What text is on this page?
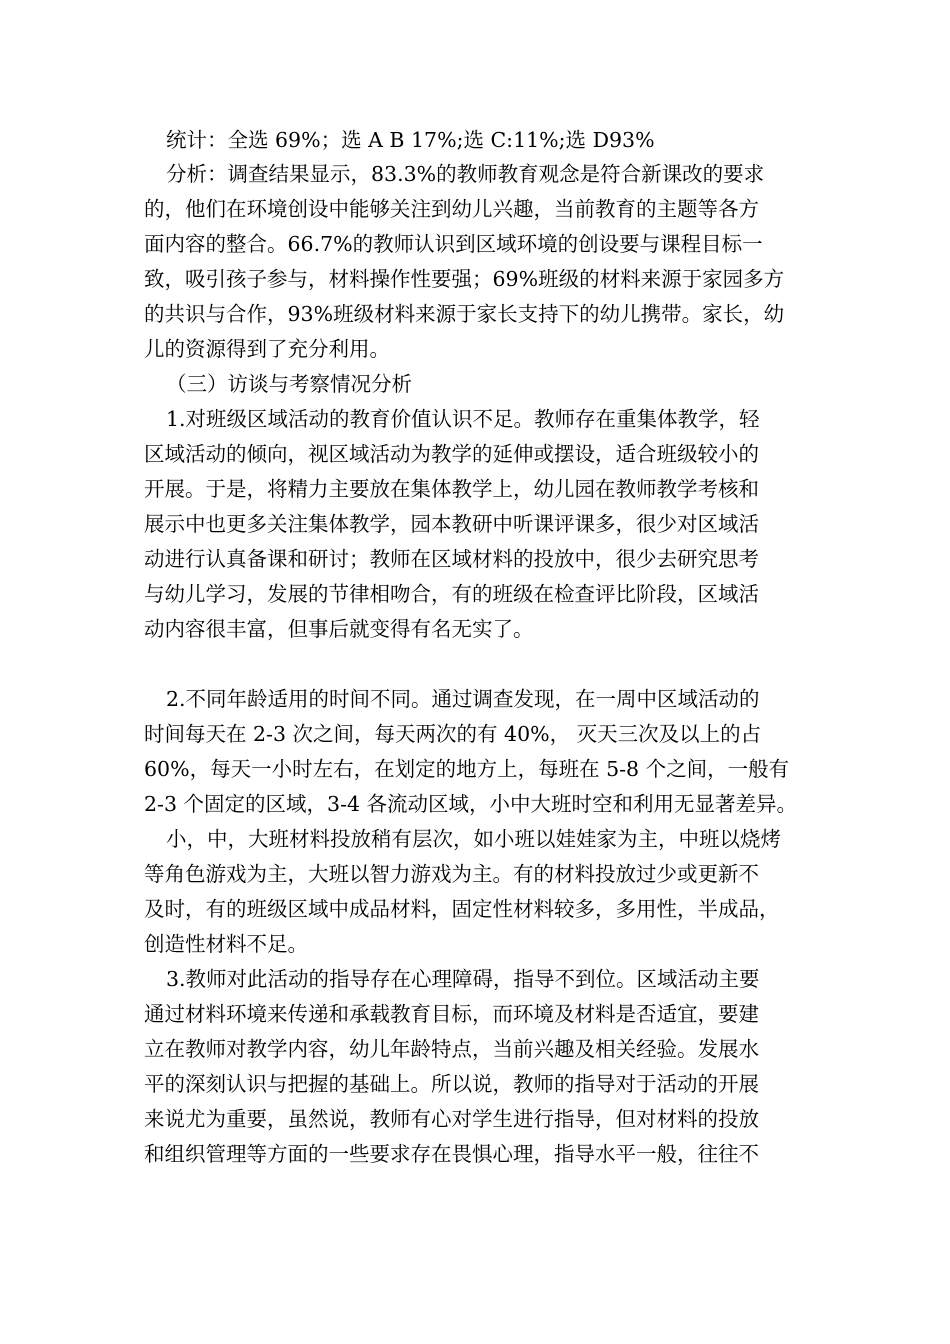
统计：全选 69%；选 A B 17%;选 C:11%;选 D93%
分析：调查结果显示，83.3%的教师教育观念是符合新课改的要求
的，他们在环境创设中能够关注到幼儿兴趣，当前教育的主题等各方
面内容的整合。66.7%的教师认识到区域环境的创设要与课程目标一
致，吸引孩子参与，材料操作性要强；69%班级的材料来源于家园多方
的共识与合作，93%班级材料来源于家长支持下的幼儿携带。家长，幼
儿的资源得到了充分利用。
（三）访谈与考察情况分析
1.对班级区域活动的教育价值认识不足。教师存在重集体教学，轻
区域活动的倾向，视区域活动为教学的延伸或摆设，适合班级较小的
开展。于是，将精力主要放在集体教学上，幼儿园在教师教学考核和
展示中也更多关注集体教学，园本教研中听课评课多，很少对区域活
动进行认真备课和研讨；教师在区域材料的投放中，很少去研究思考
与幼儿学习，发展的节律相吻合，有的班级在检查评比阶段，区域活
动内容很丰富，但事后就变得有名无实了。
2.不同年龄适用的时间不同。通过调查发现，在一周中区域活动的
时间每天在 2-3 次之间，每天两次的有 40%， 灭天三次及以上的占
60%，每天一小时左右，在划定的地方上，每班在 5-8 个之间，一般有
2-3 个固定的区域，3-4 各流动区域，小中大班时空和利用无显著差异。
小，中，大班材料投放稍有层次，如小班以娃娃家为主，中班以烧烤
等角色游戏为主，大班以智力游戏为主。有的材料投放过少或更新不
及时，有的班级区域中成品材料，固定性材料较多，多用性，半成品，
创造性材料不足。
3.教师对此活动的指导存在心理障碍，指导不到位。区域活动主要
通过材料环境来传递和承载教育目标，而环境及材料是否适宜，要建
立在教师对教学内容，幼儿年龄特点，当前兴趣及相关经验。发展水
平的深刻认识与把握的基础上。所以说，教师的指导对于活动的开展
来说尤为重要，虽然说，教师有心对学生进行指导，但对材料的投放
和组织管理等方面的一些要求存在畏惧心理，指导水平一般，往往不
